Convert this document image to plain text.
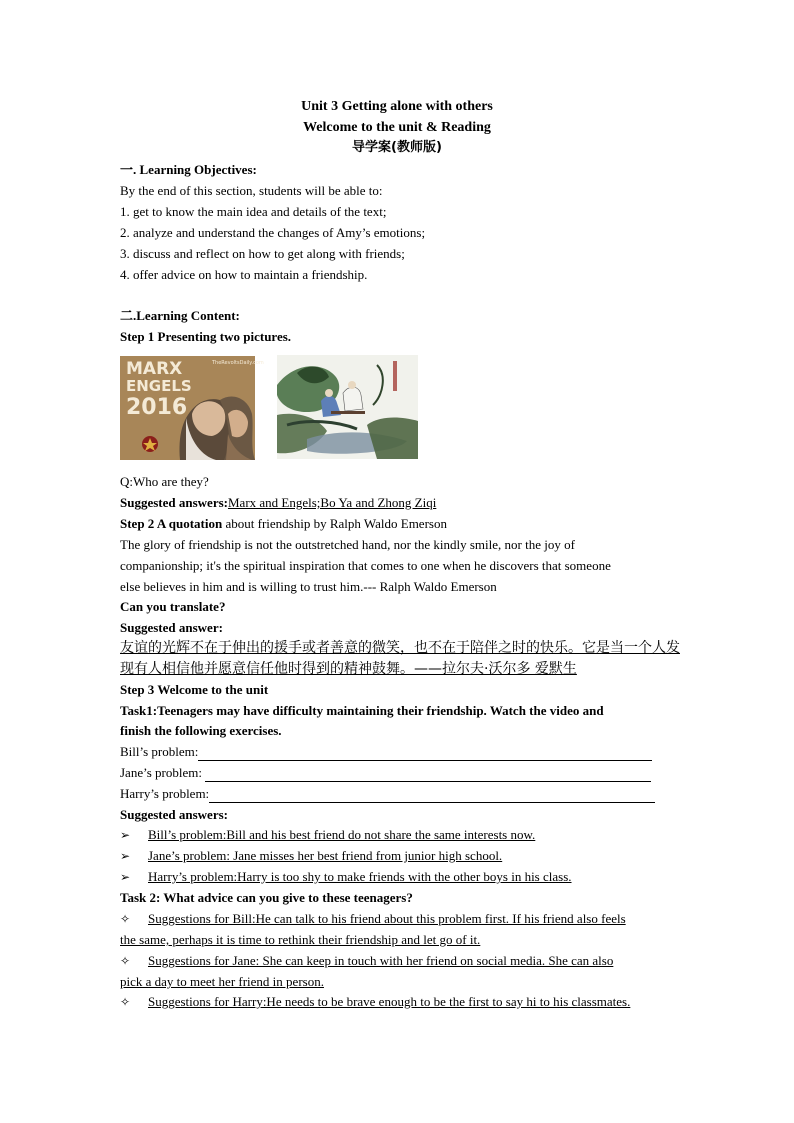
Unit 3 Getting alone with others
Welcome to the unit & Reading
导学案(教师版)
一. Learning Objectives:
By the end of this section, students will be able to:
1. get to know the main idea and details of the text;
2. analyze and understand the changes of Amy’s emotions;
3. discuss and reflect on how to get along with friends;
4. offer advice on how to maintain a friendship.
二.Learning Content:
Step 1 Presenting two pictures.
MARX
ENGELS
2016
TheRevoltsDaily.com
Q:Who are they?
Suggested answers:Marx and Engels;Bo Ya and Zhong Ziqi
Step 2 A quotation about friendship by Ralph Waldo Emerson
The glory of friendship is not the outstretched hand, nor the kindly smile, nor the joy of
companionship; it's the spiritual inspiration that comes to one when he discovers that someone
else believes in him and is willing to trust him.--- Ralph Waldo Emerson
Can you translate?
Suggested answer:
友谊的光辉不在于伸出的援手或者善意的微笑，也不在于陪伴之时的快乐。它是当一个人发
现有人相信他并愿意信任他时得到的精神鼓舞。——拉尔夫·沃尔多 爱默生
Step 3 Welcome to the unit
Task1:Teenagers may have difficulty maintaining their friendship. Watch the video and
finish the following exercises.
Bill’s problem:
Jane’s problem:
Harry’s problem:
Suggested answers:
➢ Bill’s problem:Bill and his best friend do not share the same interests now.
➢ Jane’s problem: Jane misses her best friend from junior high school.
➢ Harry’s problem:Harry is too shy to make friends with the other boys in his class.
Task 2: What advice can you give to these teenagers?
✧ Suggestions for Bill:He can talk to his friend about this problem first. If his friend also feels
the same, perhaps it is time to rethink their friendship and let go of it.
✧ Suggestions for Jane: She can keep in touch with her friend on social media. She can also
pick a day to meet her friend in person.
✧ Suggestions for Harry:He needs to be brave enough to be the first to say hi to his classmates.
